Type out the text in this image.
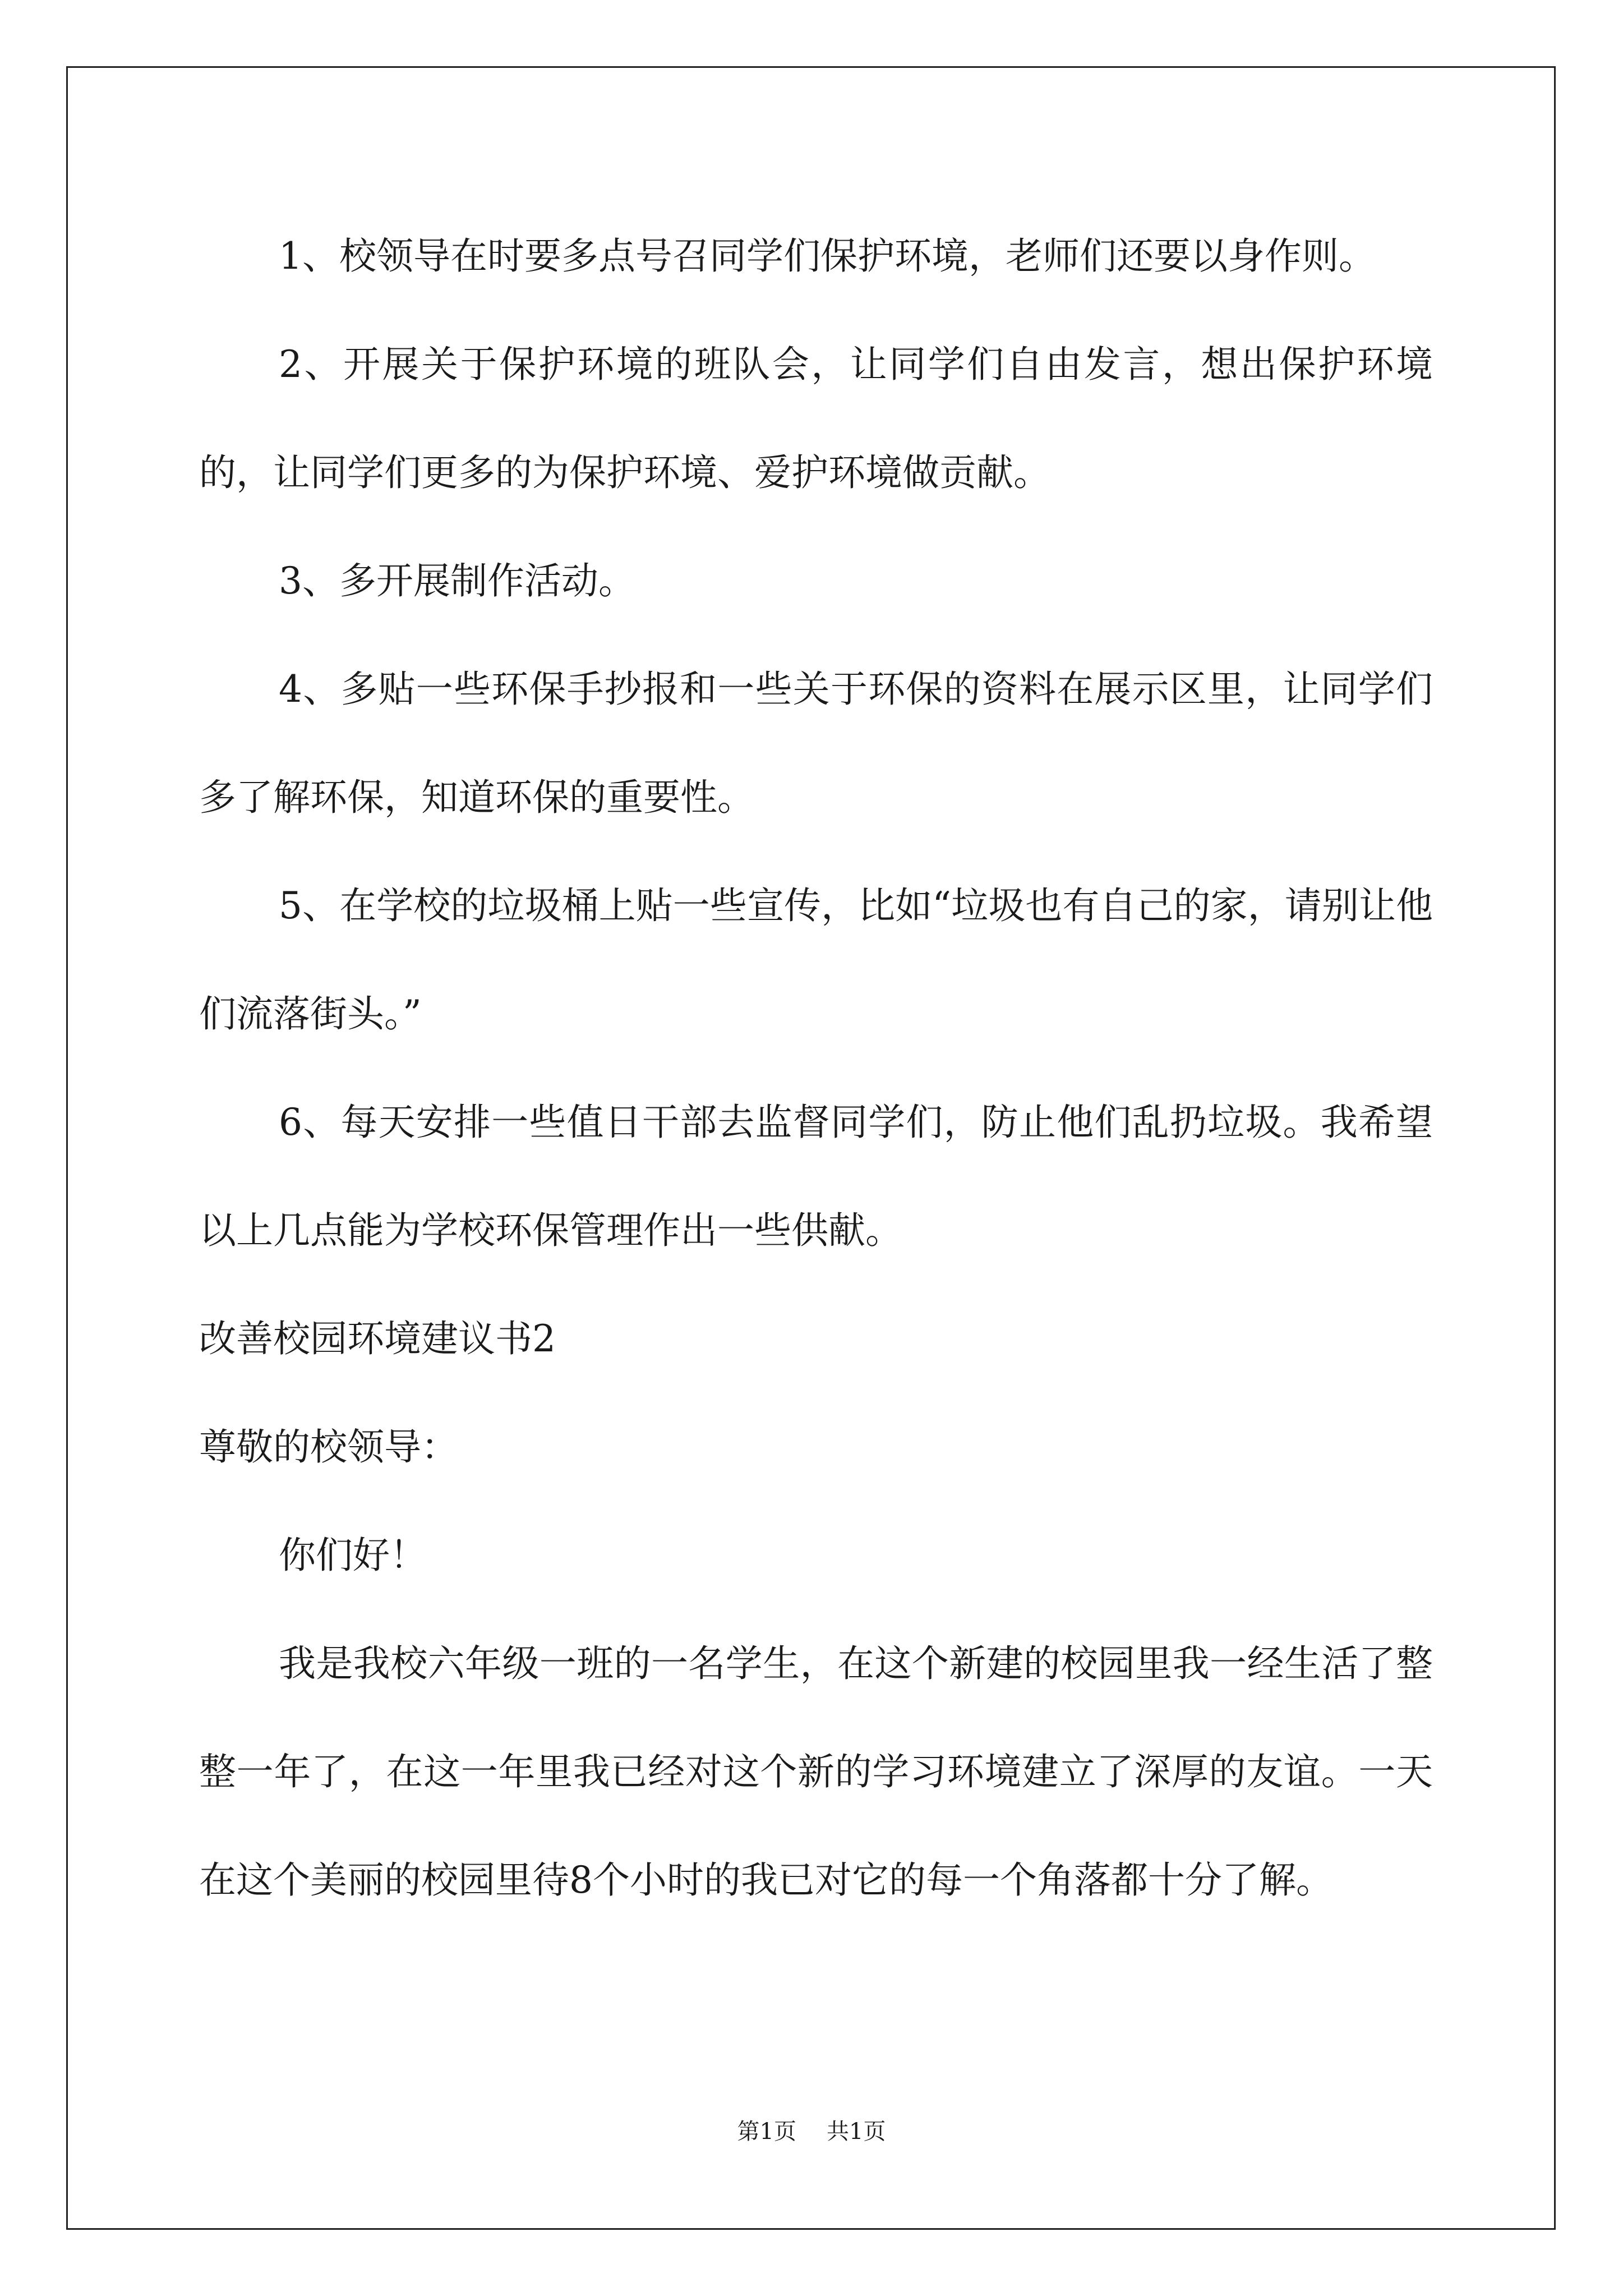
1、校领导在时要多点号召同学们保护环境，老师们还要以身作则。

2、开展关于保护环境的班队会，让同学们自由发言，想出保护环境的，让同学们更多的为保护环境、爱护环境做贡献。

3、多开展制作活动。

4、多贴一些环保手抄报和一些关于环保的资料在展示区里，让同学们多了解环保，知道环保的重要性。

5、在学校的垃圾桶上贴一些宣传，比如“垃圾也有自己的家，请别让他们流落街头。”

6、每天安排一些值日干部去监督同学们，防止他们乱扔垃圾。我希望以上几点能为学校环保管理作出一些供献。

改善校园环境建议书2

尊敬的校领导：

你们好！

我是我校六年级一班的一名学生，在这个新建的校园里我一经生活了整整一年了，在这一年里我已经对这个新的学习环境建立了深厚的友谊。一天在这个美丽的校园里待8个小时的我已对它的每一个角落都十分了解。

第1页 共1页
